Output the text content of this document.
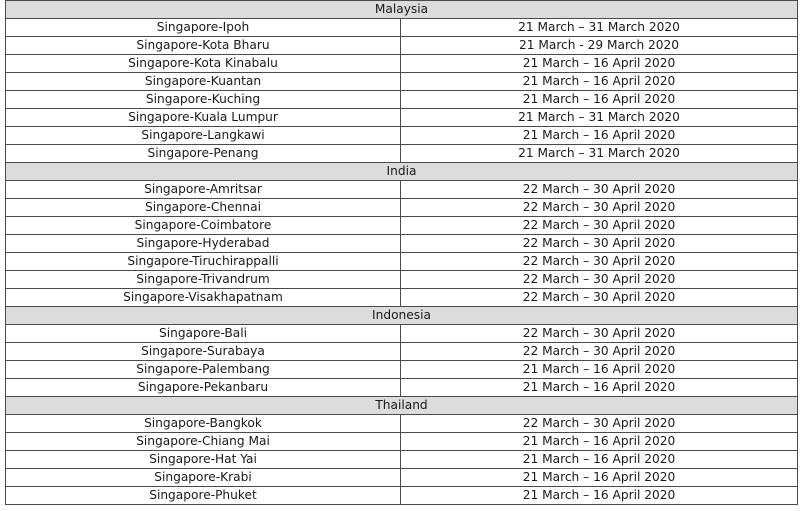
Malaysia	
Singapore-Ipoh	21 March – 31 March 2020
Singapore-Kota Bharu	21 March - 29 March 2020
Singapore-Kota Kinabalu	21 March – 16 April 2020
Singapore-Kuantan	21 March – 16 April 2020
Singapore-Kuching	21 March – 16 April 2020
Singapore-Kuala Lumpur	21 March – 31 March 2020
Singapore-Langkawi	21 March – 16 April 2020
Singapore-Penang	21 March – 31 March 2020
India	
Singapore-Amritsar	22 March – 30 April 2020
Singapore-Chennai	22 March – 30 April 2020
Singapore-Coimbatore	22 March – 30 April 2020
Singapore-Hyderabad	22 March – 30 April 2020
Singapore-Tiruchirappalli	22 March – 30 April 2020
Singapore-Trivandrum	22 March – 30 April 2020
Singapore-Visakhapatnam	22 March – 30 April 2020
Indonesia	
Singapore-Bali	22 March – 30 April 2020
Singapore-Surabaya	22 March – 30 April 2020
Singapore-Palembang	21 March – 16 April 2020
Singapore-Pekanbaru	21 March – 16 April 2020
Thailand	
Singapore-Bangkok	22 March – 30 April 2020
Singapore-Chiang Mai	21 March – 16 April 2020
Singapore-Hat Yai	21 March – 16 April 2020
Singapore-Krabi	21 March – 16 April 2020
Singapore-Phuket	21 March – 16 April 2020
